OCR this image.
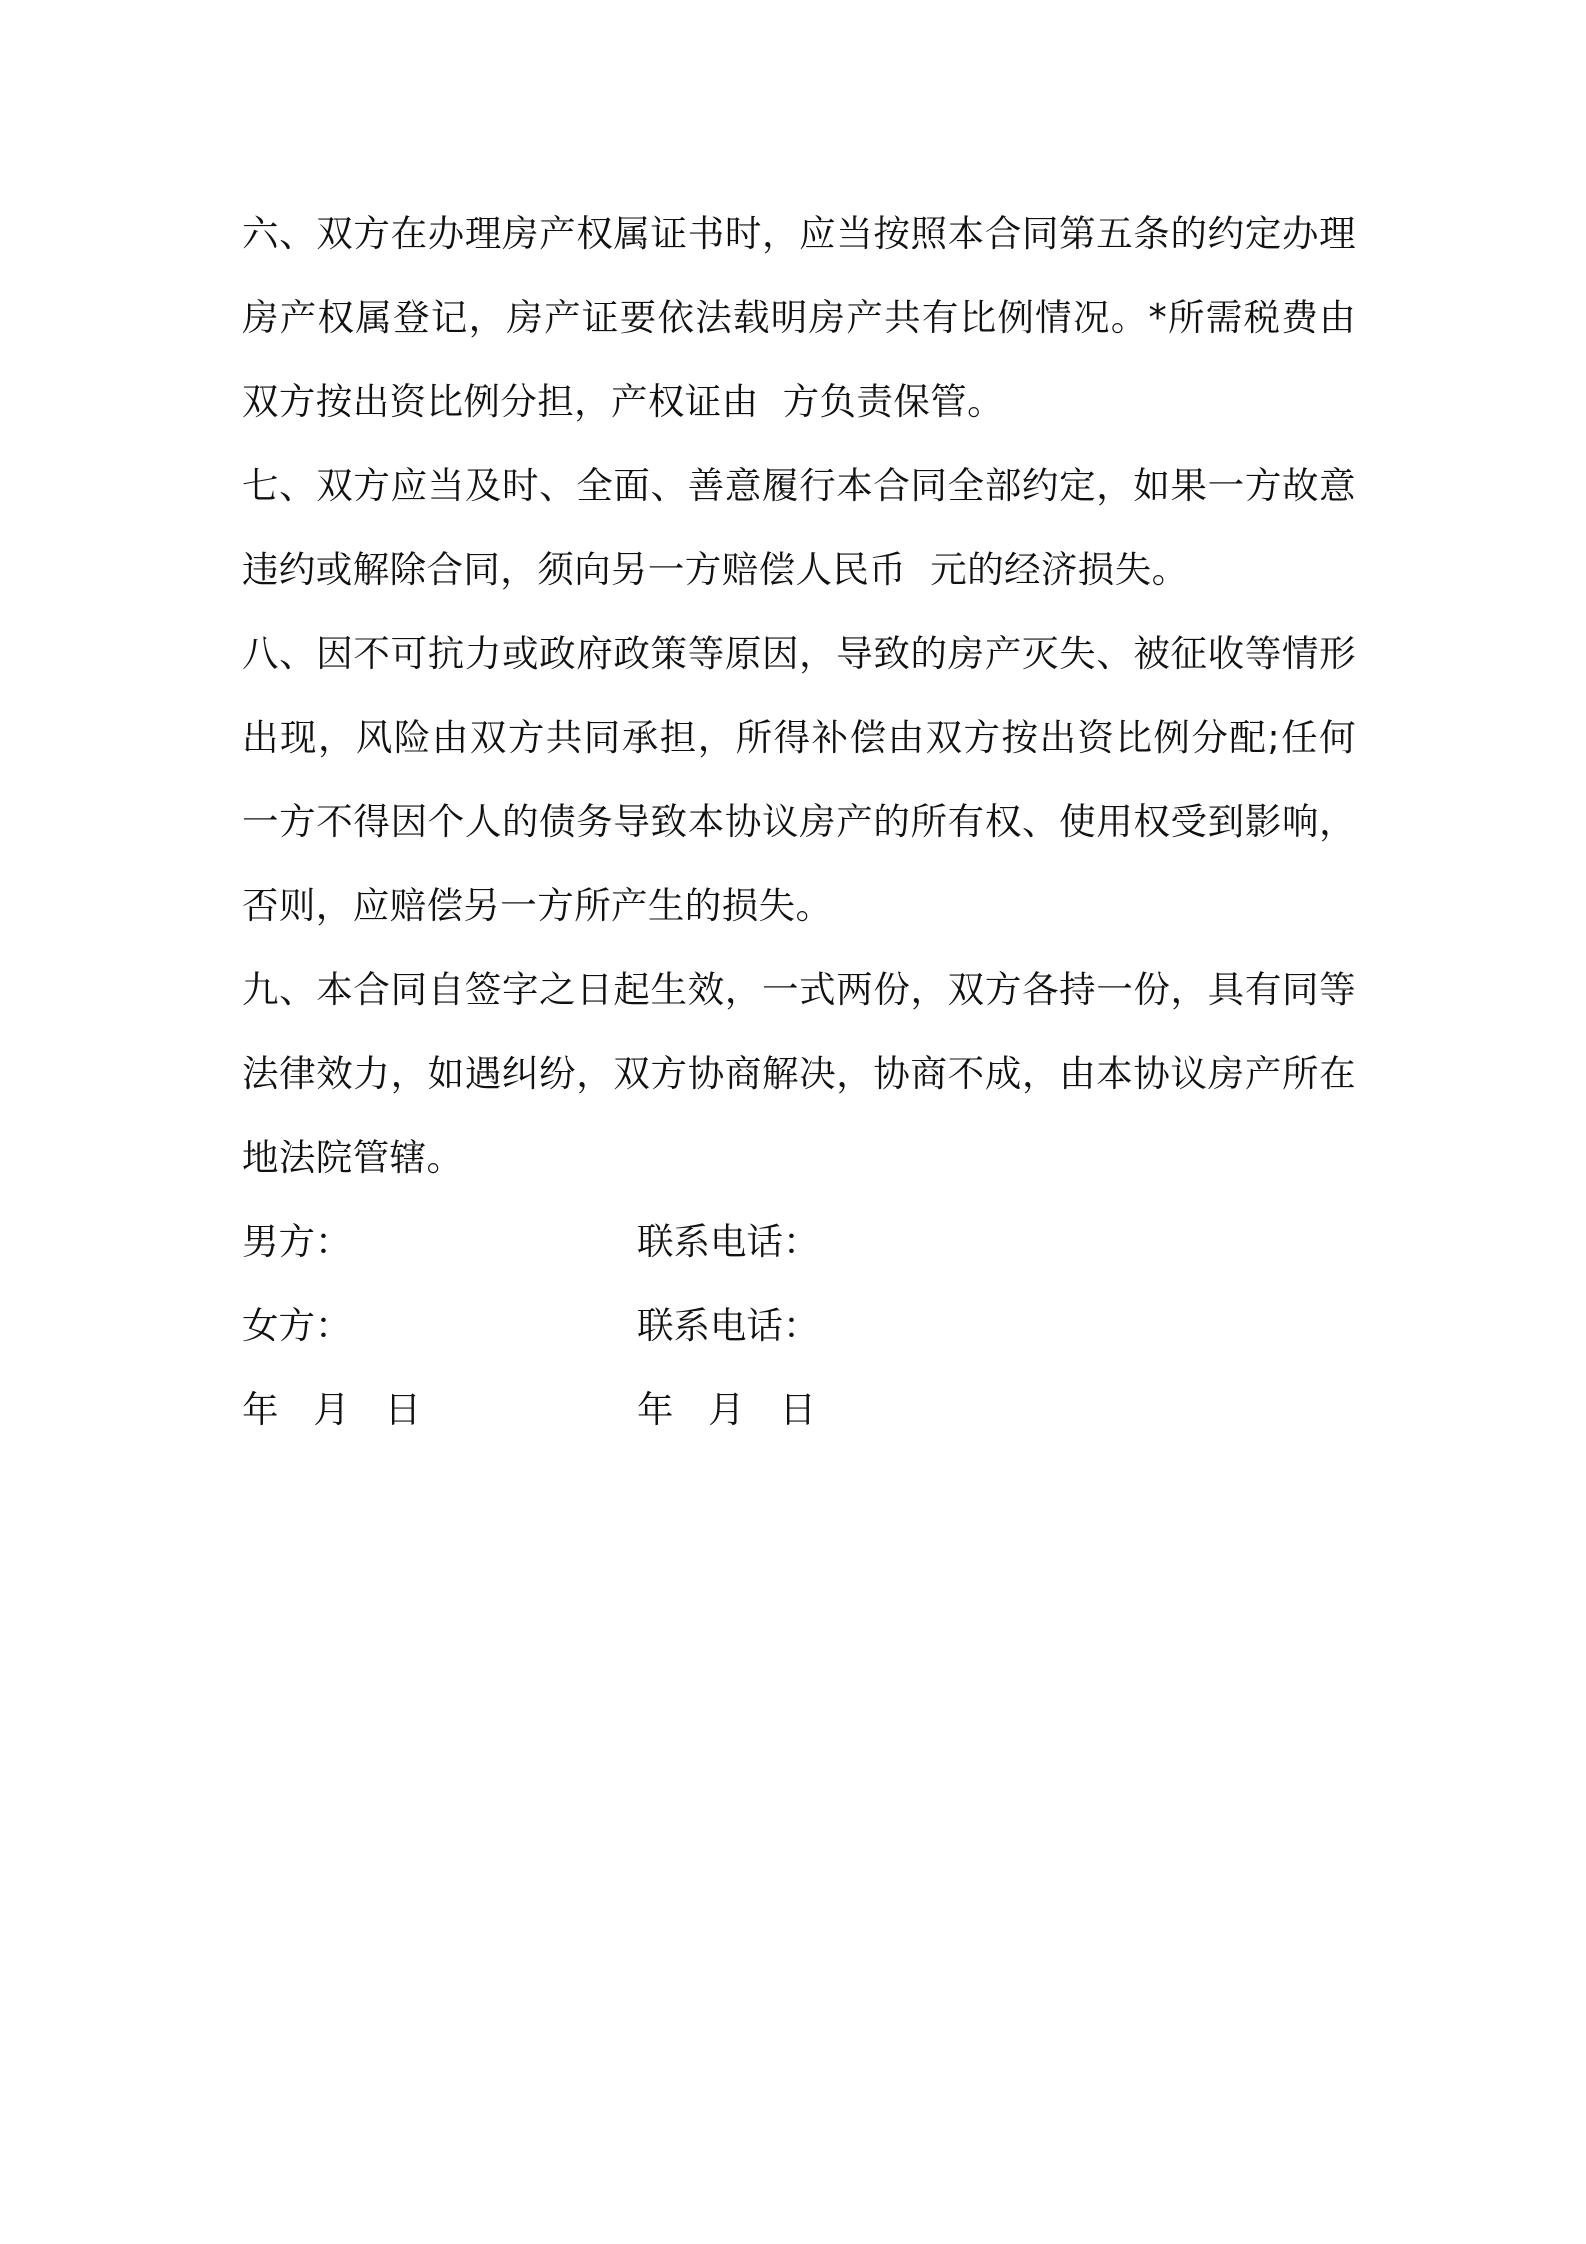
六、双方在办理房产权属证书时，应当按照本合同第五条的约定办理房产权属登记，房产证要依法载明房产共有比例情况。*所需税费由双方按出资比例分担，产权证由  方负责保管。

七、双方应当及时、全面、善意履行本合同全部约定，如果一方故意违约或解除合同，须向另一方赔偿人民币  元的经济损失。

八、因不可抗力或政府政策等原因，导致的房产灭失、被征收等情形出现，风险由双方共同承担，所得补偿由双方按出资比例分配;任何一方不得因个人的债务导致本协议房产的所有权、使用权受到影响，否则，应赔偿另一方所产生的损失。

九、本合同自签字之日起生效，一式两份，双方各持一份，具有同等法律效力，如遇纠纷，双方协商解决，协商不成，由本协议房产所在地法院管辖。

男方：	联系电话：
女方：	联系电话：
年   月   日	年   月   日
